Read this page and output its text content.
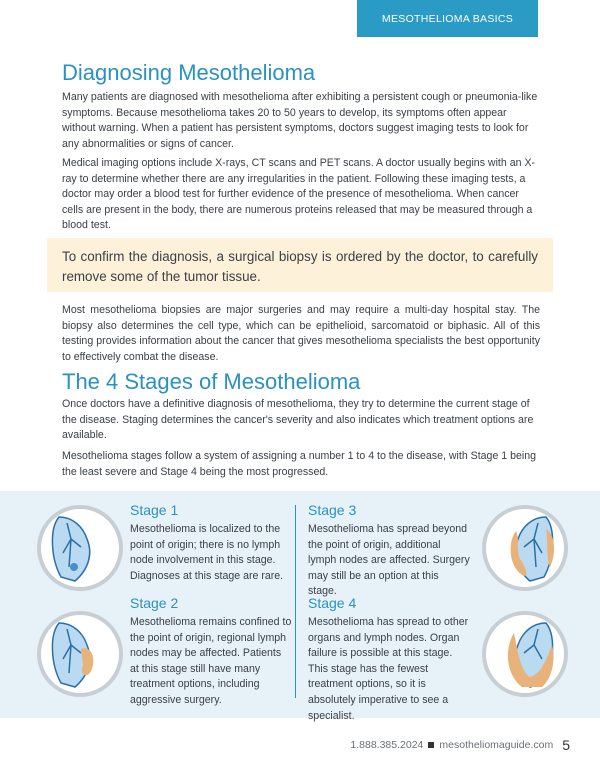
MESOTHELIOMA BASICS
Diagnosing Mesothelioma

Many patients are diagnosed with mesothelioma after exhibiting a persistent cough or pneumonia-like symptoms. Because mesothelioma takes 20 to 50 years to develop, its symptoms often appear without warning. When a patient has persistent symptoms, doctors suggest imaging tests to look for any abnormalities or signs of cancer.

Medical imaging options include X-rays, CT scans and PET scans. A doctor usually begins with an X-ray to determine whether there are any irregularities in the patient. Following these imaging tests, a doctor may order a blood test for further evidence of the presence of mesothelioma. When cancer cells are present in the body, there are numerous proteins released that may be measured through a blood test.

To confirm the diagnosis, a surgical biopsy is ordered by the doctor, to carefully remove some of the tumor tissue.

Most mesothelioma biopsies are major surgeries and may require a multi-day hospital stay. The biopsy also determines the cell type, which can be epithelioid, sarcomatoid or biphasic. All of this testing provides information about the cancer that gives mesothelioma specialists the best opportunity to effectively combat the disease.

The 4 Stages of Mesothelioma

Once doctors have a definitive diagnosis of mesothelioma, they try to determine the current stage of the disease. Staging determines the cancer's severity and also indicates which treatment options are available.

Mesothelioma stages follow a system of assigning a number 1 to 4 to the disease, with Stage 1 being the least severe and Stage 4 being the most progressed.

Stage 1
Mesothelioma is localized to the point of origin; there is no lymph node involvement in this stage. Diagnoses at this stage are rare.
Stage 2
Mesothelioma remains confined to the point of origin, regional lymph nodes may be affected. Patients at this stage still have many treatment options, including aggressive surgery.
Stage 3
Mesothelioma has spread beyond the point of origin, additional lymph nodes are affected. Surgery may still be an option at this stage.
Stage 4
Mesothelioma has spread to other organs and lymph nodes. Organ failure is possible at this stage. This stage has the fewest treatment options, so it is absolutely imperative to see a specialist.
1.888.385.2024 mesotheliomaguide.com 5
